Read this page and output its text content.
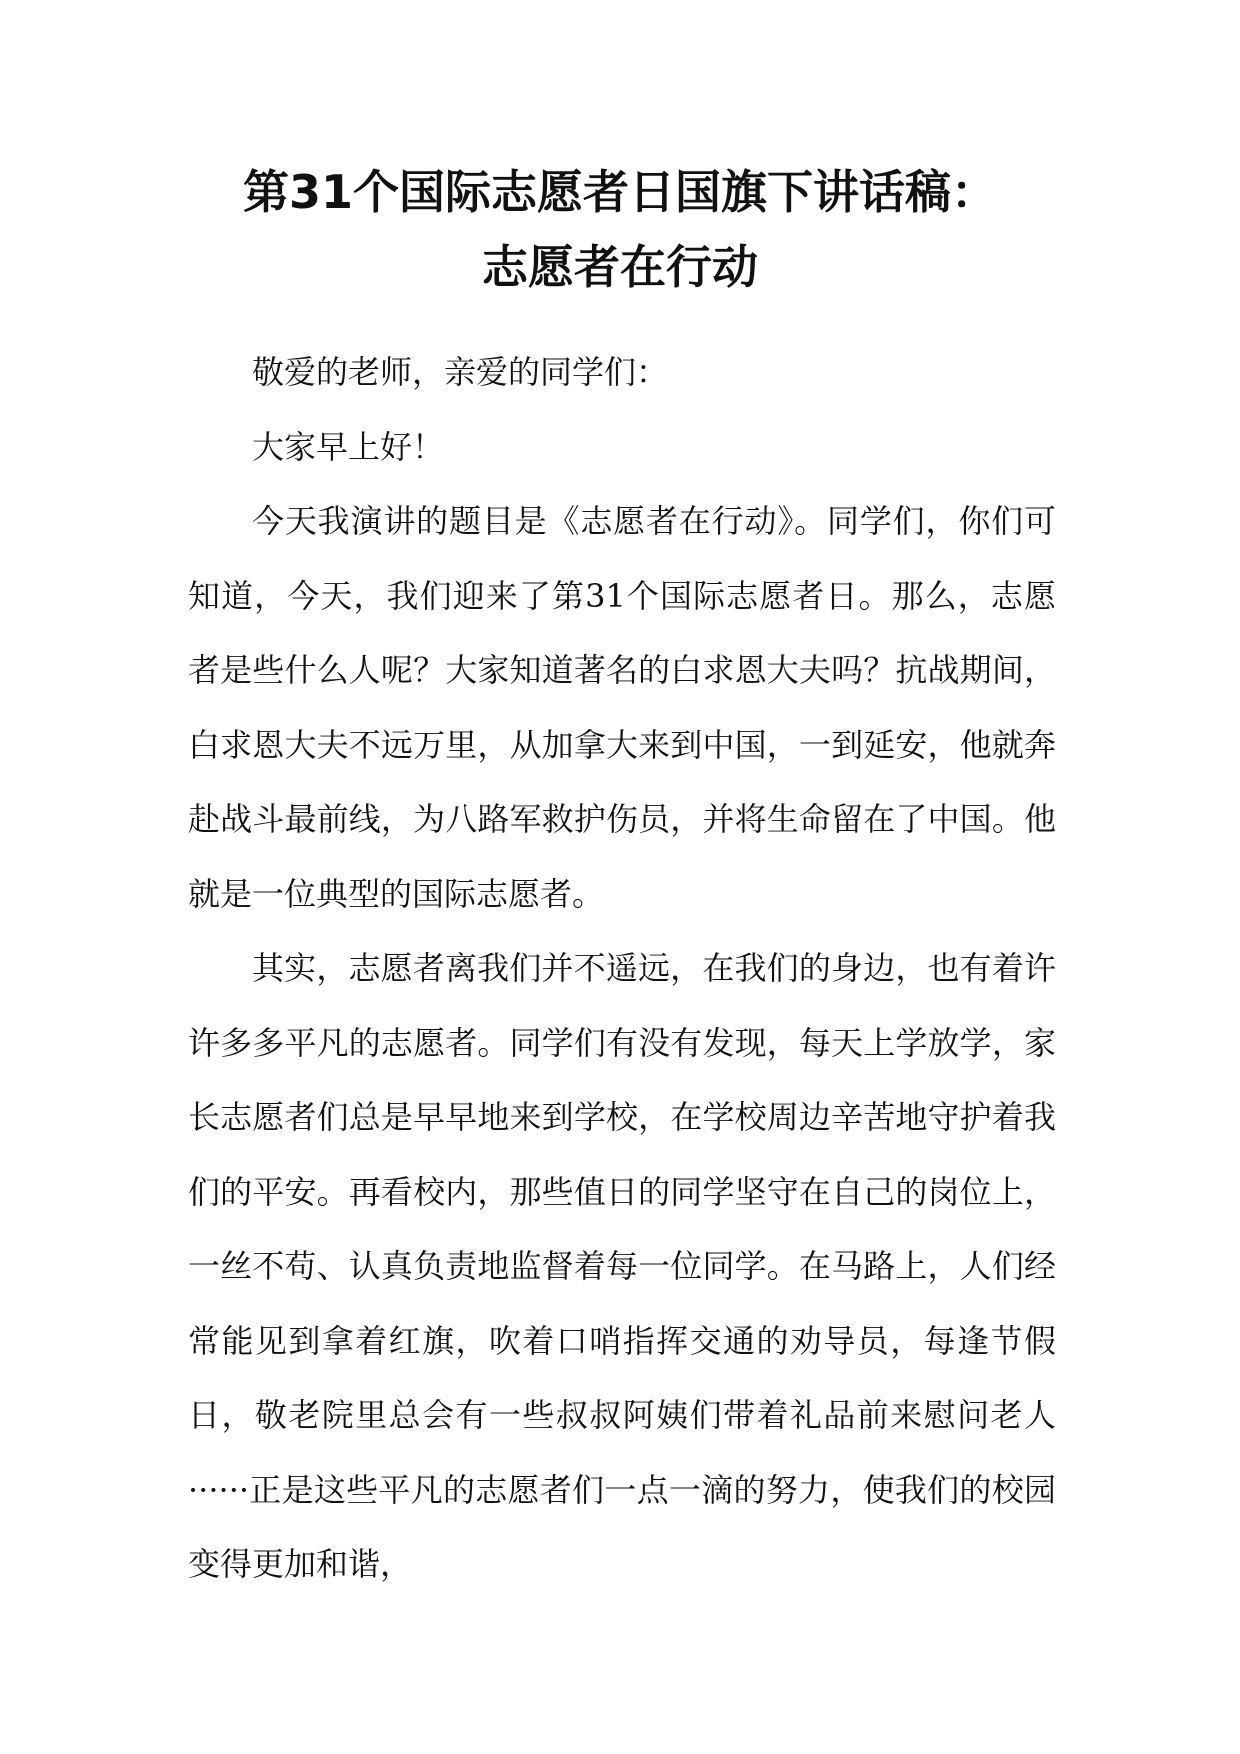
第31个国际志愿者日国旗下讲话稿：
志愿者在行动

敬爱的老师，亲爱的同学们：

大家早上好！

今天我演讲的题目是《志愿者在行动》。同学们，你们可知道，今天，我们迎来了第31个国际志愿者日。那么，志愿者是些什么人呢？大家知道著名的白求恩大夫吗？抗战期间，白求恩大夫不远万里，从加拿大来到中国，一到延安，他就奔赴战斗最前线，为八路军救护伤员，并将生命留在了中国。他就是一位典型的国际志愿者。

其实，志愿者离我们并不遥远，在我们的身边，也有着许许多多平凡的志愿者。同学们有没有发现，每天上学放学，家长志愿者们总是早早地来到学校，在学校周边辛苦地守护着我们的平安。再看校内，那些值日的同学坚守在自己的岗位上，一丝不苟、认真负责地监督着每一位同学。在马路上，人们经常能见到拿着红旗，吹着口哨指挥交通的劝导员，每逢节假日，敬老院里总会有一些叔叔阿姨们带着礼品前来慰问老人······正是这些平凡的志愿者们一点一滴的努力，使我们的校园变得更加和谐，
